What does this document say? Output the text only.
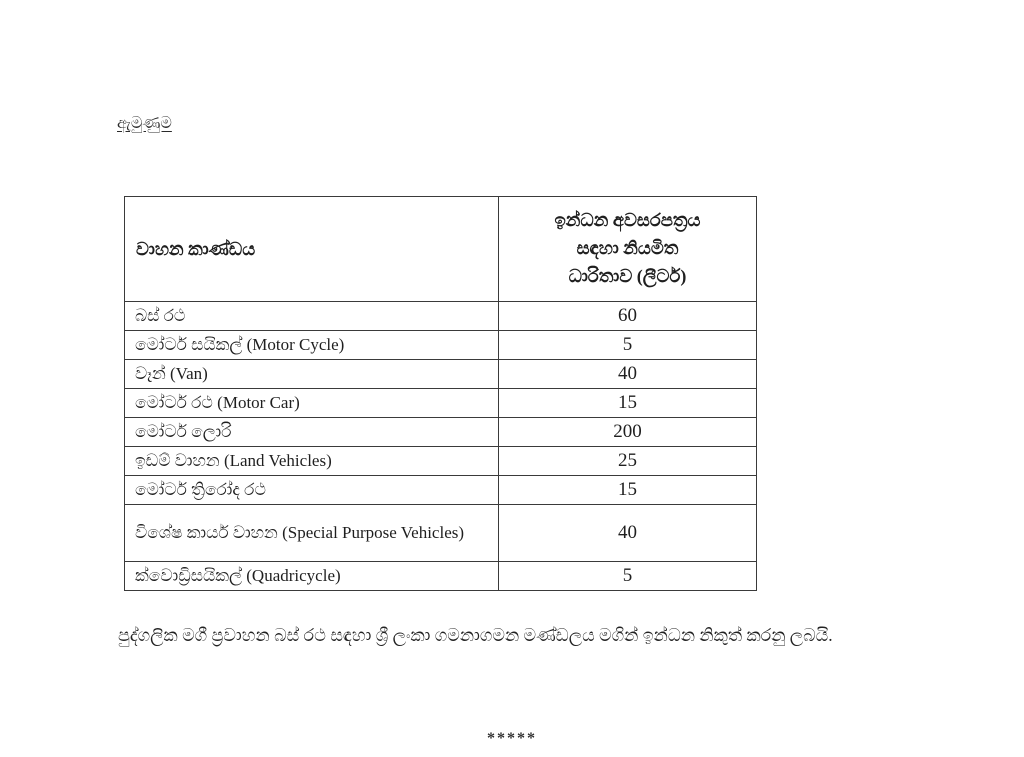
ඇමුණුම
වාහන කාණ්ඩය	ඉන්ධන අවසරපත්‍රය
සඳහා නියමිත
ධාරිතාව (ලීටර්)

බස් රථ	60
මෝටර් සයිකල් (Motor Cycle)	5
වෑන් (Van)	40
මෝටර් රථ (Motor Car)	15
මෝටර් ලොරි	200
ඉඩම් වාහන (Land Vehicles)	25
මෝටර් ත්‍රිරෝද රථ	15
විශේෂ කාර්ය වාහන (Special Purpose Vehicles)	40
ක්වොඩ්‍රිසයිකල් (Quadricycle)	5
පුද්ගලික මගී ප්‍රවාහන බස් රථ සඳහා ශ්‍රී ලංකා ගමනාගමන මණ්ඩලය මගින් ඉන්ධන නිකුත් කරනු ලබයි.
*****
